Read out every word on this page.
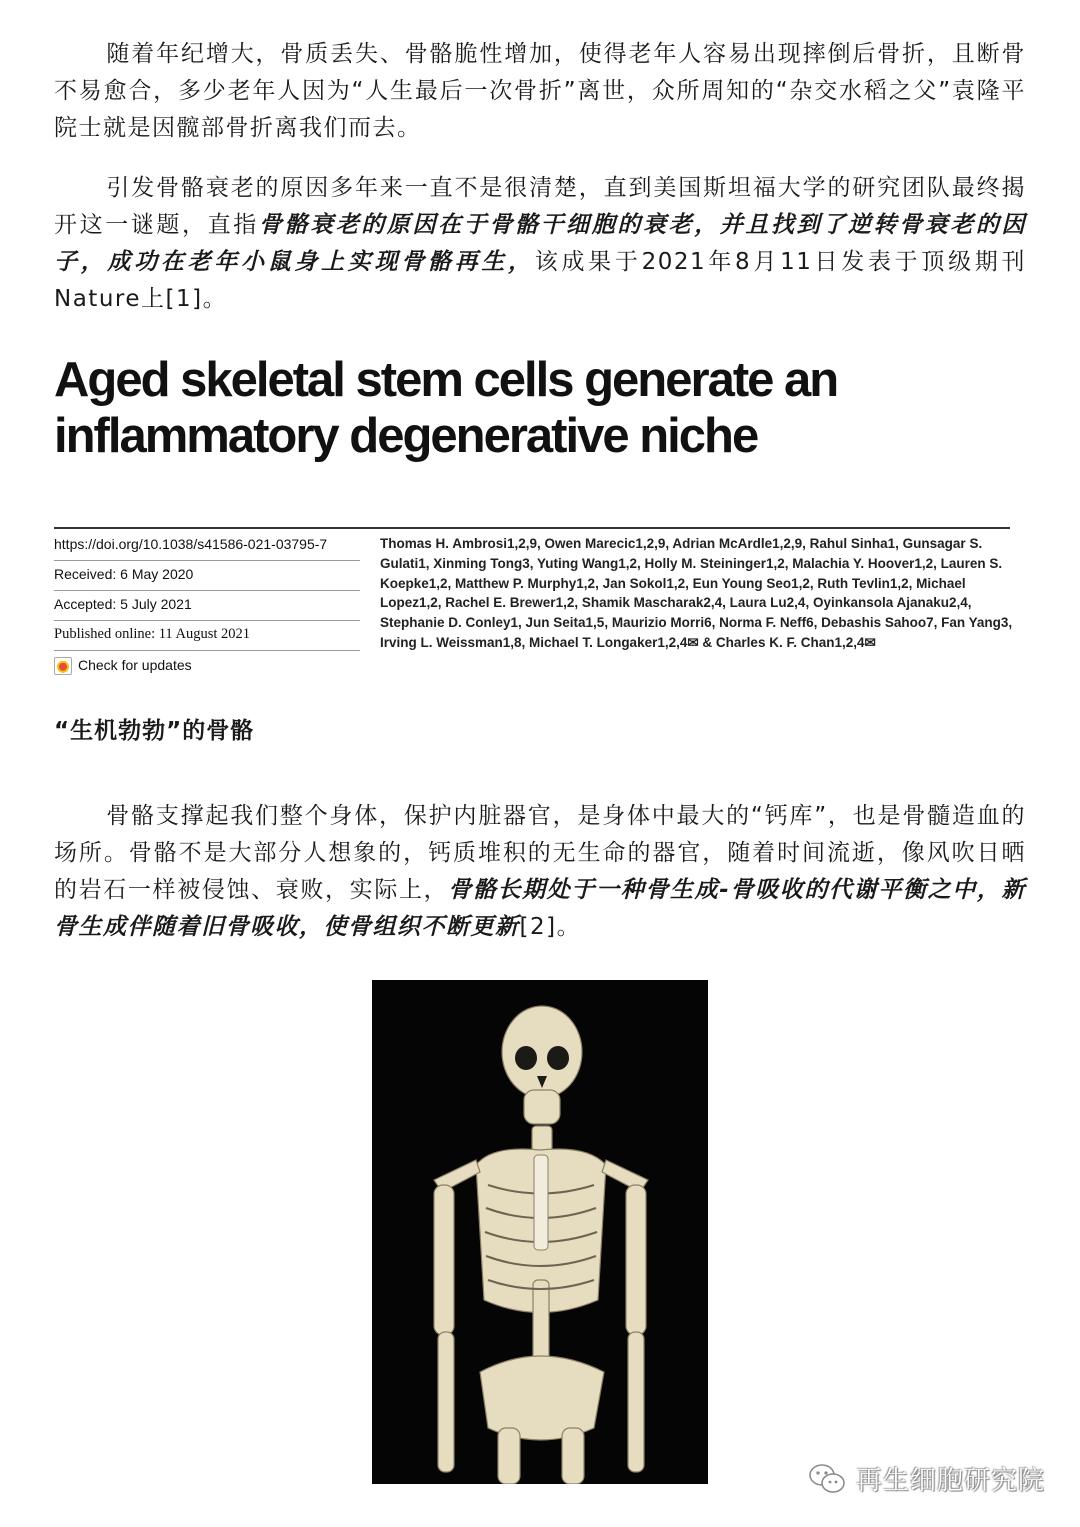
随着年纪增大，骨质丢失、骨骼脆性增加，使得老年人容易出现摔倒后骨折，且断骨不易愈合，多少老年人因为“人生最后一次骨折”离世，众所周知的“杂交水稻之父”袁隆平院士就是因髋部骨折离我们而去。

引发骨骼衰老的原因多年来一直不是很清楚，直到美国斯坦福大学的研究团队最终揭开这一谜题，直指骨骼衰老的原因在于骨骼干细胞的衰老，并且找到了逆转骨衰老的因子，成功在老年小鼠身上实现骨骼再生，该成果于2021年8月11日发表于顶级期刊Nature上[1]。

Aged skeletal stem cells generate an inflammatory degenerative niche
https://doi.org/10.1038/s41586-021-03795-7
Received: 6 May 2020
Accepted: 5 July 2021
Published online: 11 August 2021
Check for updates
Thomas H. Ambrosi1,2,9, Owen Marecic1,2,9, Adrian McArdle1,2,9, Rahul Sinha1, Gunsagar S. Gulati1, Xinming Tong3, Yuting Wang1,2, Holly M. Steininger1,2, Malachia Y. Hoover1,2, Lauren S. Koepke1,2, Matthew P. Murphy1,2, Jan Sokol1,2, Eun Young Seo1,2, Ruth Tevlin1,2, Michael Lopez1,2, Rachel E. Brewer1,2, Shamik Mascharak2,4, Laura Lu2,4, Oyinkansola Ajanaku2,4, Stephanie D. Conley1, Jun Seita1,5, Maurizio Morri6, Norma F. Neff6, Debashis Sahoo7, Fan Yang3, Irving L. Weissman1,8, Michael T. Longaker1,2,4✉ & Charles K. F. Chan1,2,4✉
“生机勃勃”的骨骼

骨骼支撑起我们整个身体，保护内脏器官，是身体中最大的“钙库”，也是骨髓造血的场所。骨骼不是大部分人想象的，钙质堆积的无生命的器官，随着时间流逝，像风吹日晒的岩石一样被侵蚀、衰败，实际上，骨骼长期处于一种骨生成-骨吸收的代谢平衡之中，新骨生成伴随着旧骨吸收，使骨组织不断更新[2]。

再生细胞研究院
